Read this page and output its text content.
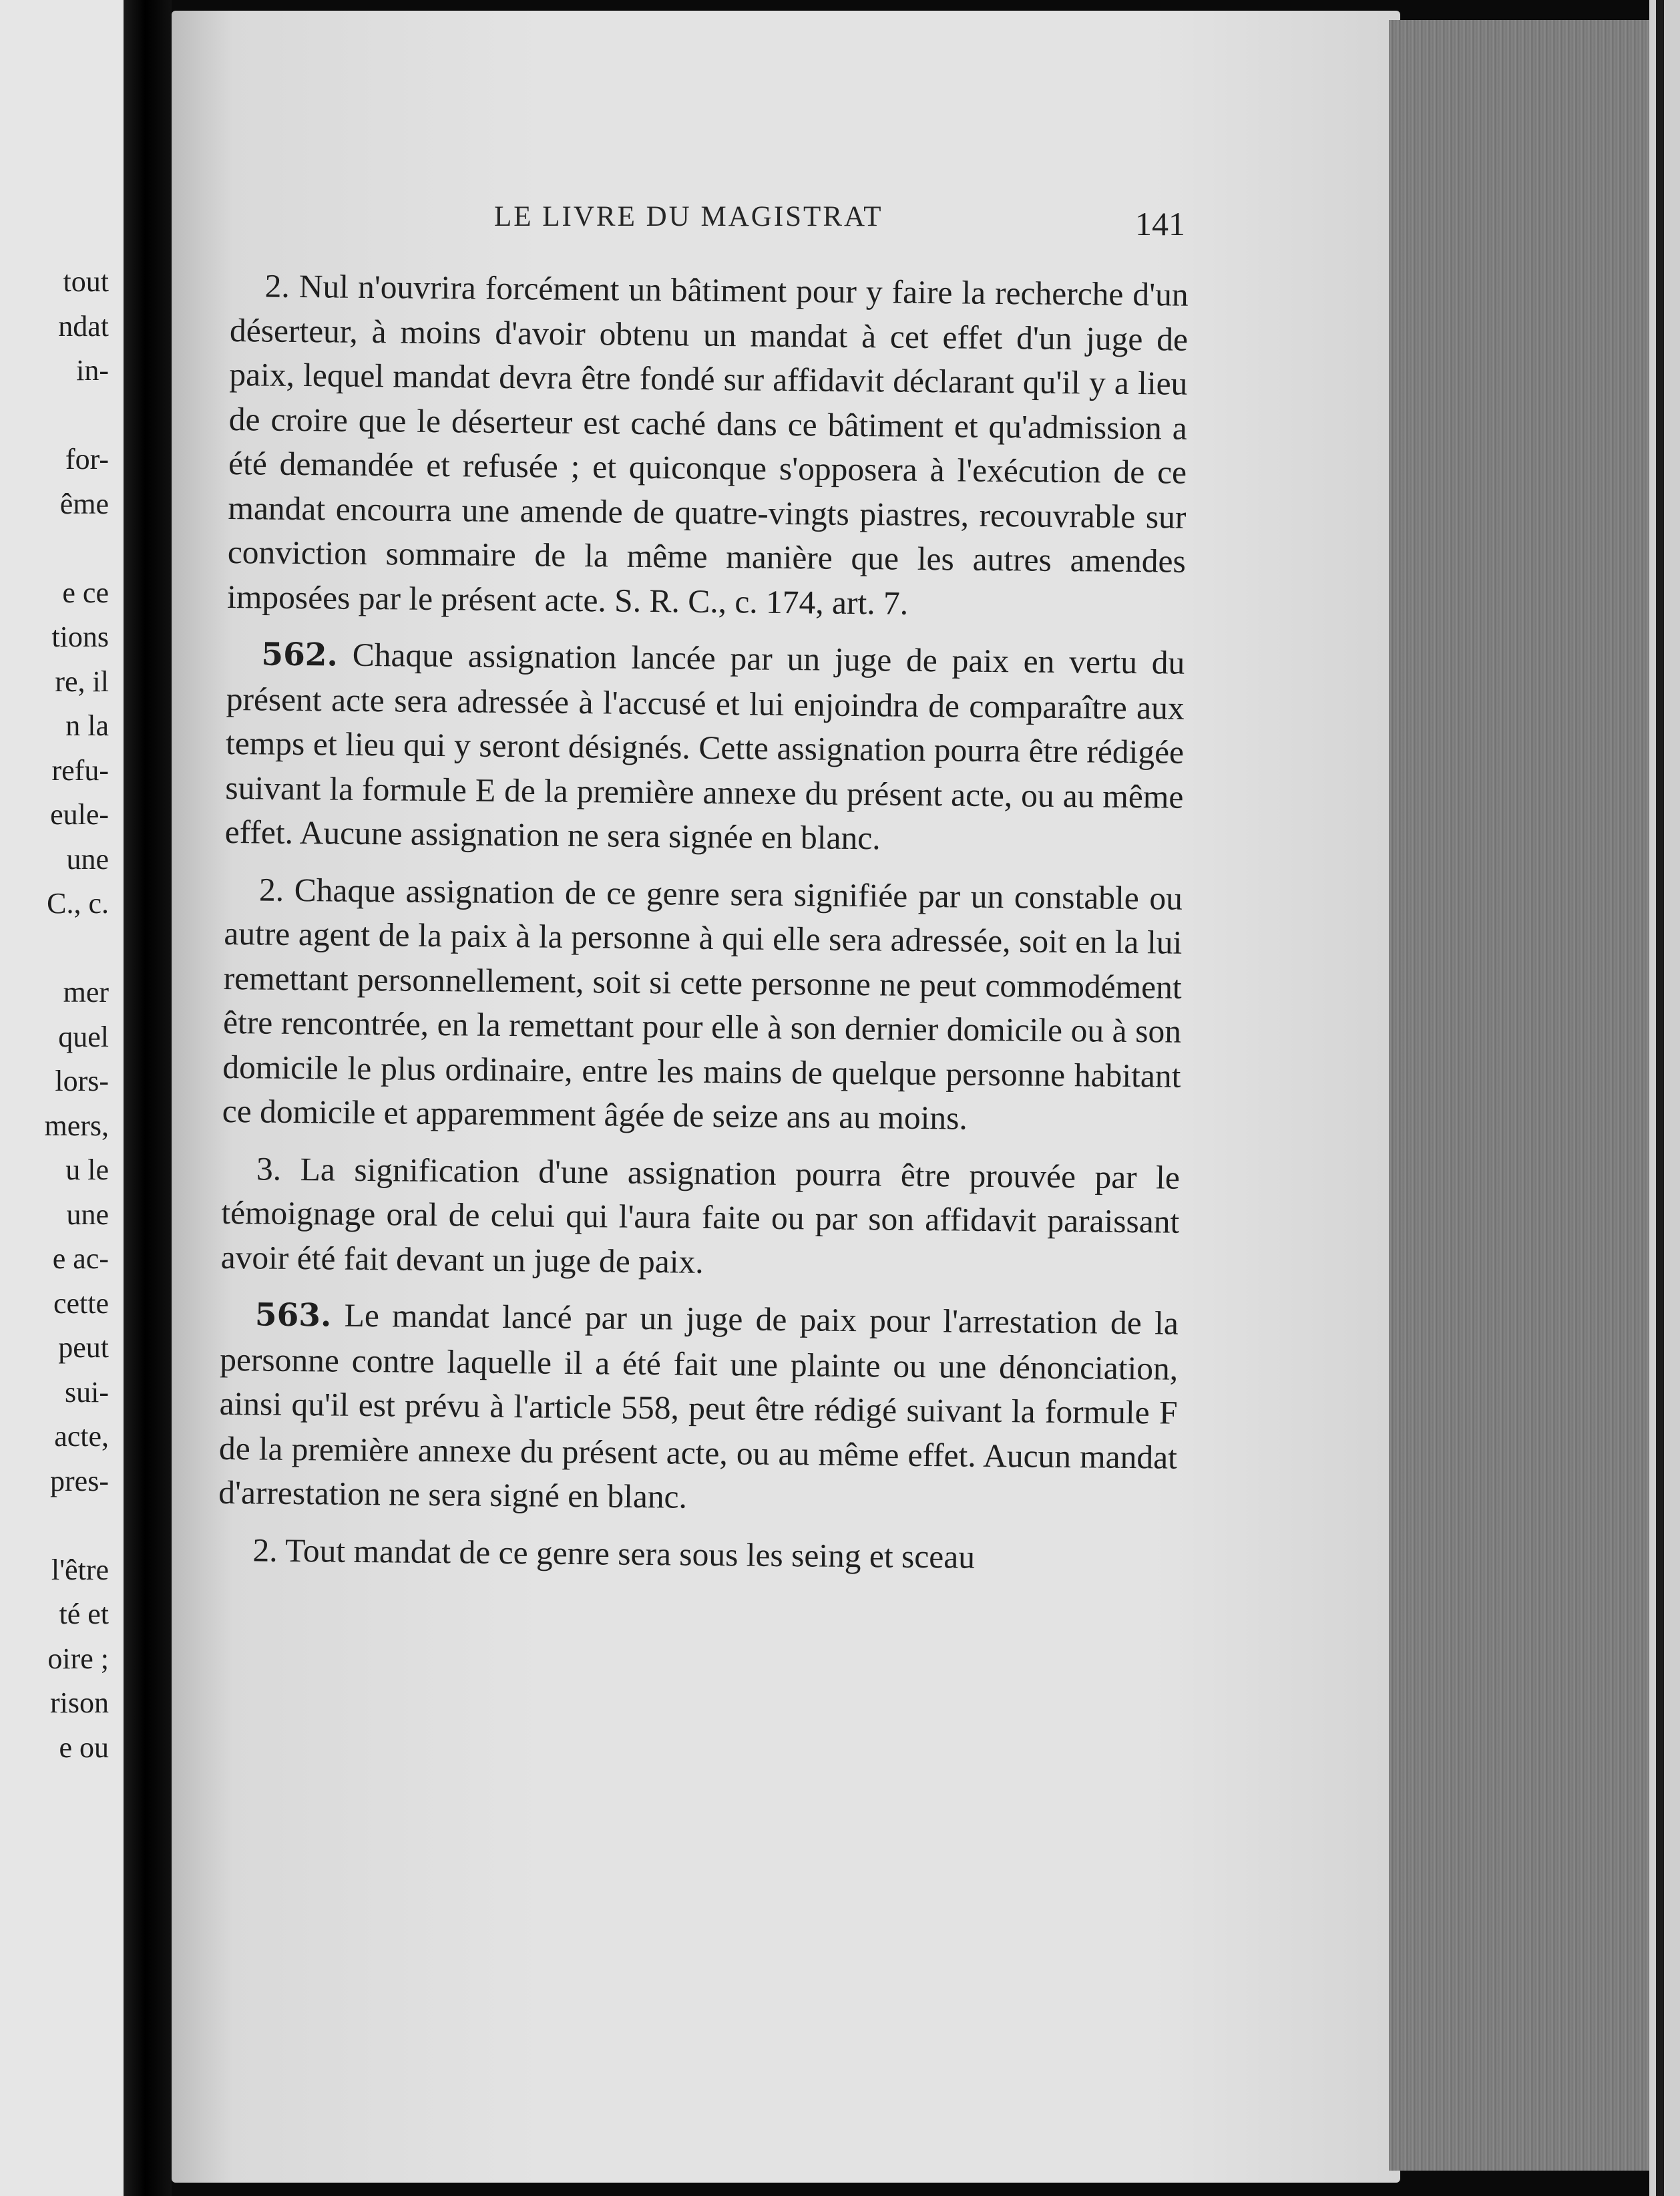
tout
ndat
in-
for-
ême
e ce
tions
re, il
n la
refu-
eule-
une
C., c.
mer
quel
lors-
mers,
u le
une
e ac-
cette
peut
sui-
acte,
pres-
l'être
té et
oire ;
rison
e ou
LE LIVRE DU MAGISTRAT	141

2. Nul n'ouvrira forcément un bâtiment pour y faire la recherche d'un déserteur, à moins d'avoir obtenu un mandat à cet effet d'un juge de paix, lequel mandat devra être fondé sur affidavit déclarant qu'il y a lieu de croire que le déserteur est caché dans ce bâtiment et qu'admission a été demandée et refusée ; et quiconque s'opposera à l'exécution de ce mandat encourra une amende de quatre-vingts piastres, recouvrable sur conviction sommaire de la même manière que les autres amendes imposées par le présent acte. S. R. C., c. 174, art. 7.

562. Chaque assignation lancée par un juge de paix en vertu du présent acte sera adressée à l'accusé et lui enjoindra de comparaître aux temps et lieu qui y seront désignés. Cette assignation pourra être rédigée suivant la formule E de la première annexe du présent acte, ou au même effet. Aucune assignation ne sera signée en blanc.

2. Chaque assignation de ce genre sera signifiée par un constable ou autre agent de la paix à la personne à qui elle sera adressée, soit en la lui remettant personnellement, soit si cette personne ne peut commodément être rencontrée, en la remettant pour elle à son dernier domicile ou à son domicile le plus ordinaire, entre les mains de quelque personne habitant ce domicile et apparemment âgée de seize ans au moins.

3. La signification d'une assignation pourra être prouvée par le témoignage oral de celui qui l'aura faite ou par son affidavit paraissant avoir été fait devant un juge de paix.

563. Le mandat lancé par un juge de paix pour l'arrestation de la personne contre laquelle il a été fait une plainte ou une dénonciation, ainsi qu'il est prévu à l'article 558, peut être rédigé suivant la formule F de la première annexe du présent acte, ou au même effet. Aucun mandat d'arrestation ne sera signé en blanc.

2. Tout mandat de ce genre sera sous les seing et sceau
